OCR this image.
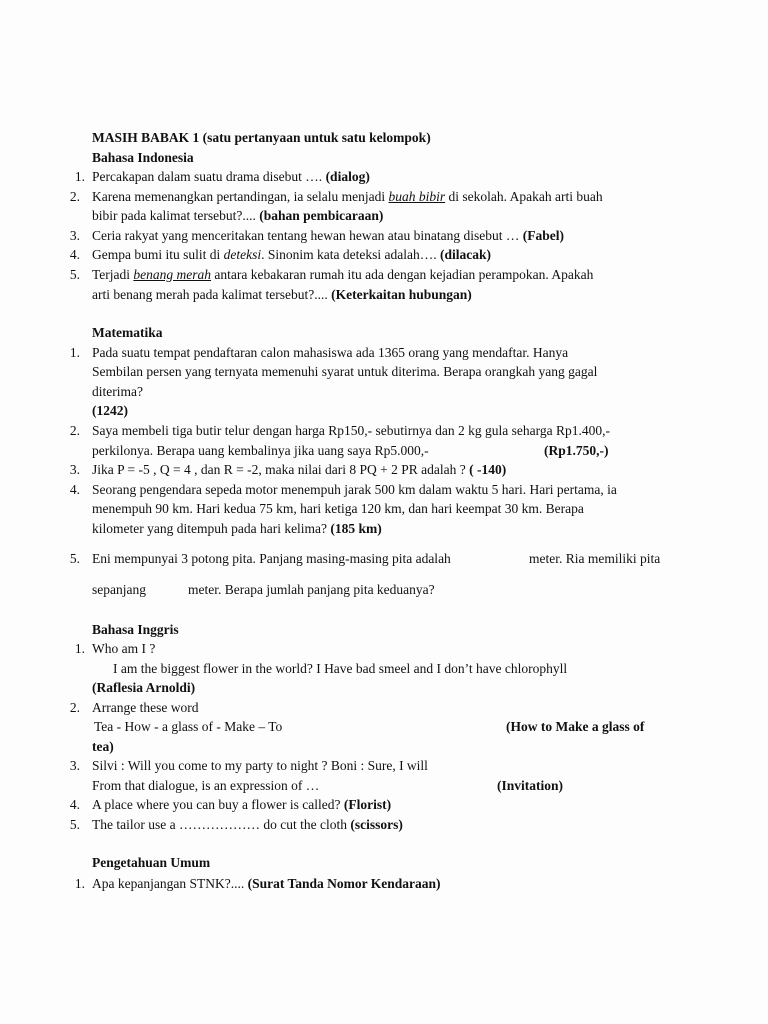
MASIH BABAK 1 (satu pertanyaan untuk satu kelompok)
Bahasa Indonesia
1. Percakapan dalam suatu drama disebut …. (dialog)
2. Karena memenangkan pertandingan, ia selalu menjadi buah bibir di sekolah. Apakah arti buah
bibir pada kalimat tersebut?.... (bahan pembicaraan)
3. Ceria rakyat yang menceritakan tentang hewan hewan atau binatang disebut … (Fabel)
4. Gempa bumi itu sulit di deteksi. Sinonim kata deteksi adalah…. (dilacak)
5. Terjadi benang merah antara kebakaran rumah itu ada dengan kejadian perampokan. Apakah
arti benang merah pada kalimat tersebut?.... (Keterkaitan hubungan)
Matematika
1. Pada suatu tempat pendaftaran calon mahasiswa ada 1365 orang yang mendaftar. Hanya
Sembilan persen yang ternyata memenuhi syarat untuk diterima. Berapa orangkah yang gagal
diterima?
(1242)
2. Saya membeli tiga butir telur dengan harga Rp150,- sebutirnya dan 2 kg gula seharga Rp1.400,-
perkilonya. Berapa uang kembalinya jika uang saya Rp5.000,-	(Rp1.750,-)
3. Jika P = -5 , Q = 4 , dan R = -2, maka nilai dari 8 PQ + 2 PR adalah ? ( -140)
4. Seorang pengendara sepeda motor menempuh jarak 500 km dalam waktu 5 hari. Hari pertama, ia
menempuh 90 km. Hari kedua 75 km, hari ketiga 120 km, dan hari keempat 30 km. Berapa
kilometer yang ditempuh pada hari kelima? (185 km)
5. Eni mempunyai 3 potong pita. Panjang masing-masing pita adalah	meter. Ria memiliki pita
sepanjang	meter. Berapa jumlah panjang pita keduanya?
Bahasa Inggris
1. Who am I ?
I am the biggest flower in the world? I Have bad smeel and I don’t have chlorophyll
(Raflesia Arnoldi)
2. Arrange these word
Tea - How - a glass of - Make – To	(How to Make a glass of
tea)
3. Silvi : Will you come to my party to night ? Boni : Sure, I will
From that dialogue, is an expression of …	(Invitation)
4. A place where you can buy a flower is called? (Florist)
5. The tailor use a ……………… do cut the cloth (scissors)
Pengetahuan Umum
1. Apa kepanjangan STNK?.... (Surat Tanda Nomor Kendaraan)
